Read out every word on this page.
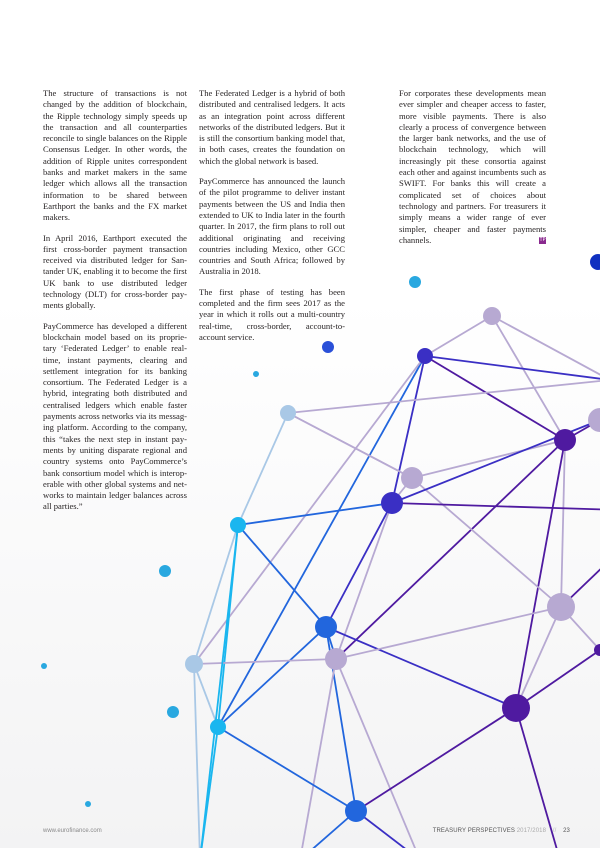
The structure of transactions is not changed by the addition of blockchain, the Ripple technology simply speeds up the transaction and all counterparties reconcile to single balances on the Ripple Consensus Ledger. In other words, the addition of Ripple unites correspondent banks and market makers in the same ledger which allows all the transaction information to be shared between Earthport the banks and the FX market makers.

In April 2016, Earthport executed the first cross-border payment transaction received via distributed ledger for Santander UK, enabling it to become the first UK bank to use distributed ledger technology (DLT) for cross-border payments globally.

PayCommerce has developed a different blockchain model based on its proprietary ‘Federated Ledger’ to enable real-time, instant payments, clearing and settlement integration for its banking consortium. The Federated Ledger is a hybrid, integrating both distributed and centralised ledgers which enable faster payments across networks via its messaging platform. According to the company, this “takes the next step in instant payments by uniting disparate regional and country systems onto PayCommerce’s bank consortium model which is interoperable with other global systems and networks to maintain ledger balances across all parties.”

The Federated Ledger is a hybrid of both distributed and centralised ledgers. It acts as an integration point across different networks of the distributed ledgers. But it is still the consortium banking model that, in both cases, creates the foundation on which the global network is based.

PayCommerce has announced the launch of the pilot programme to deliver instant payments between the US and India then extended to UK to India later in the fourth quarter. In 2017, the firm plans to roll out additional originating and receiving countries including Mexico, other GCC countries and South Africa; followed by Australia in 2018.

The first phase of testing has been completed and the firm sees 2017 as the year in which it rolls out a multi-country real-time, cross-border, account-to-account service.

For corporates these developments mean ever simpler and cheaper access to faster, more visible payments. There is also clearly a process of convergence between the larger bank networks, and the use of blockchain technology, which will increasingly pit these consortia against each other and against incumbents such as SWIFT. For banks this will create a complicated set of choices about technology and partners. For treasurers it simply means a wider range of ever simpler, cheaper and faster payments channels.	TP

www.eurofinance.com	TREASURY PERSPECTIVES 2017/2018 // 23
